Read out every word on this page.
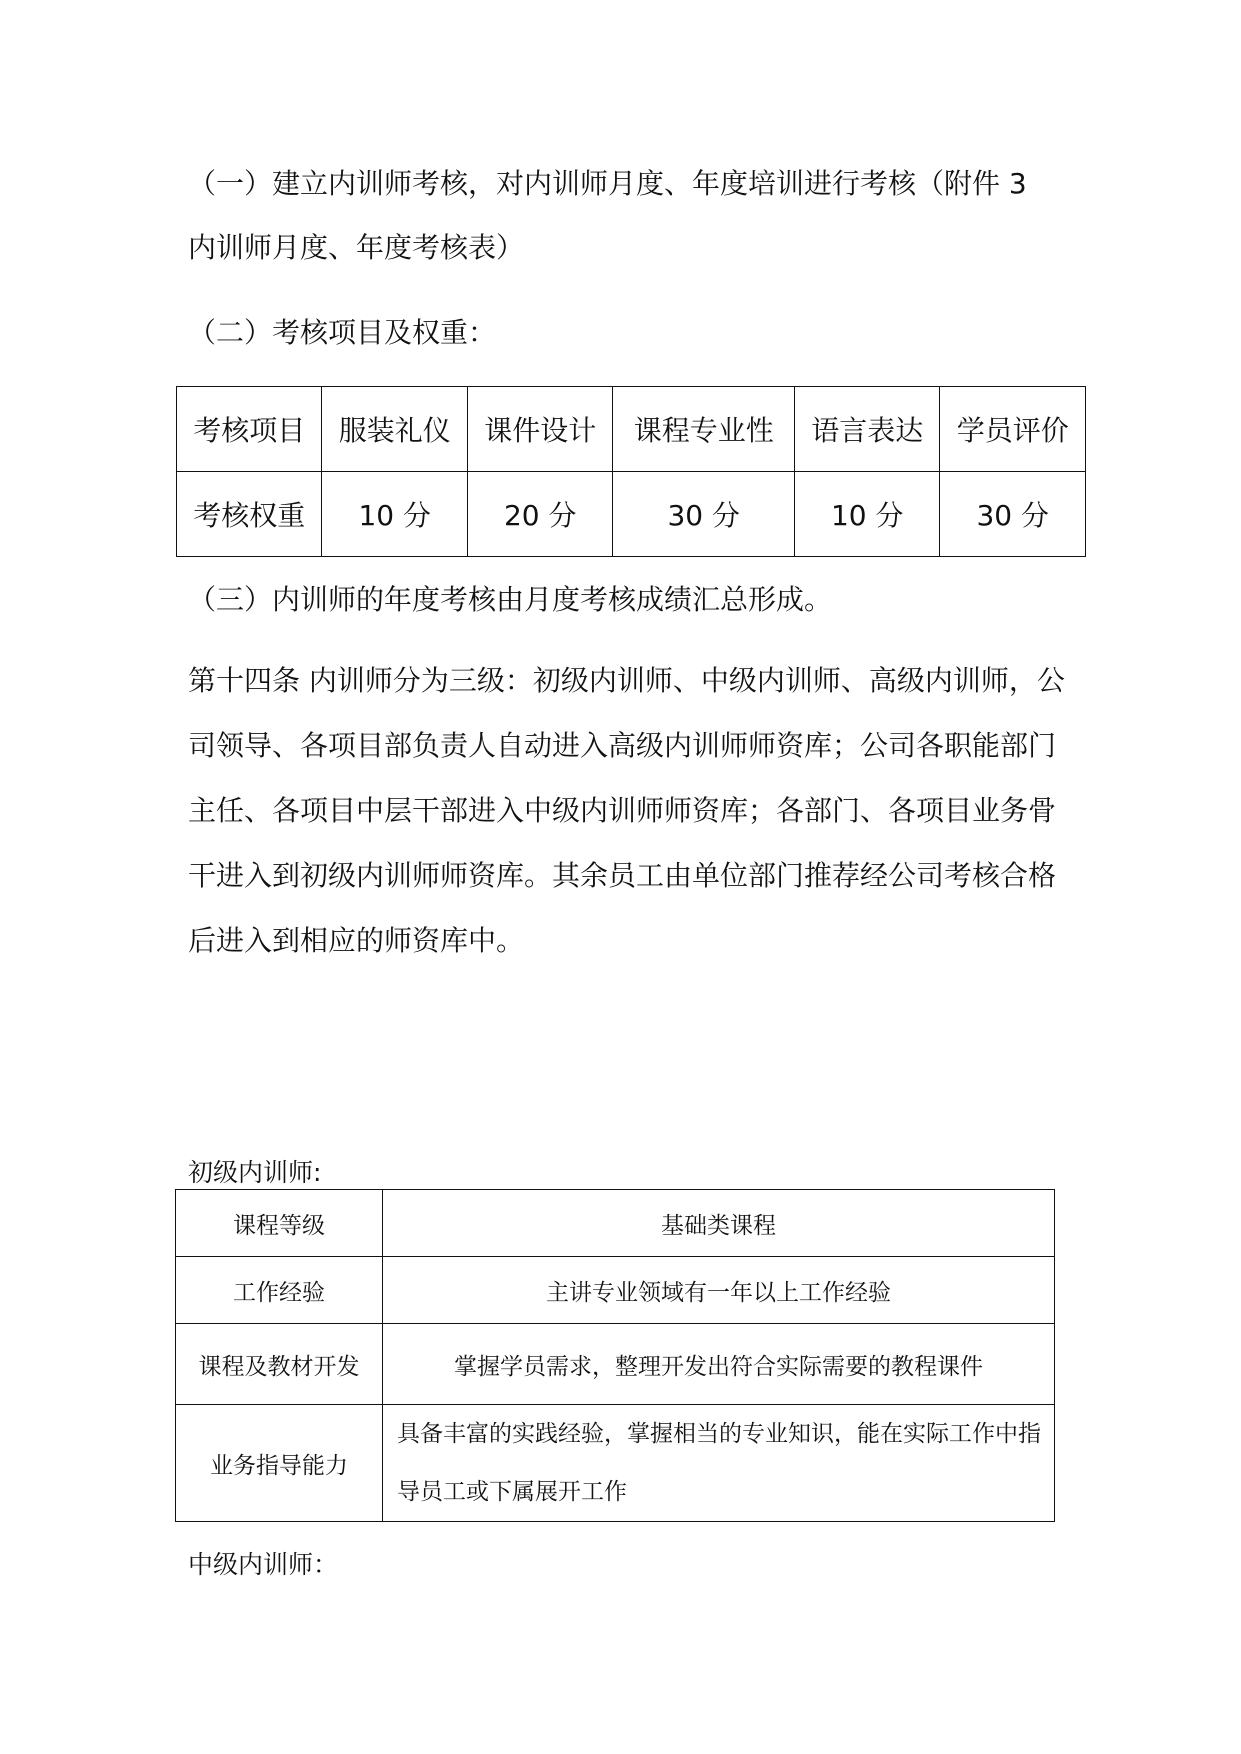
（一）建立内训师考核，对内训师月度、年度培训进行考核（附件 3

内训师月度、年度考核表）

（二）考核项目及权重：

考核项目	服装礼仪	课件设计	课程专业性	语言表达	学员评价
考核权重	10 分	20 分	30 分	10 分	30 分

（三）内训师的年度考核由月度考核成绩汇总形成。

第十四条 内训师分为三级：初级内训师、中级内训师、高级内训师，公司领导、各项目部负责人自动进入高级内训师师资库；公司各职能部门主任、各项目中层干部进入中级内训师师资库；各部门、各项目业务骨干进入到初级内训师师资库。其余员工由单位部门推荐经公司考核合格后进入到相应的师资库中。

初级内训师:

课程等级	基础类课程
工作经验	主讲专业领域有一年以上工作经验
课程及教材开发	掌握学员需求，整理开发出符合实际需要的教程课件
业务指导能力	具备丰富的实践经验，掌握相当的专业知识，能在实际工作中指导员工或下属展开工作

中级内训师：
